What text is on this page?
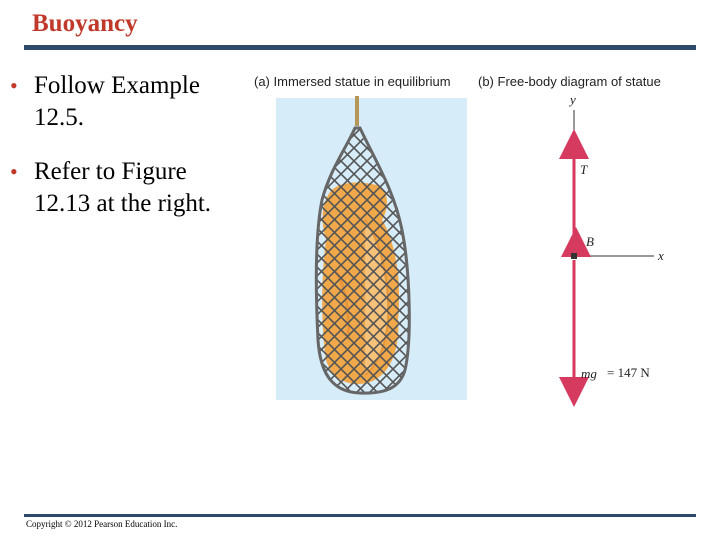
Buoyancy
• Follow Example 12.5.
• Refer to Figure 12.13 at the right.
(a) Immersed statue in equilibrium (b) Free-body diagram of statue
y
x
T
B
mg = 147 N
Copyright © 2012 Pearson Education Inc.
